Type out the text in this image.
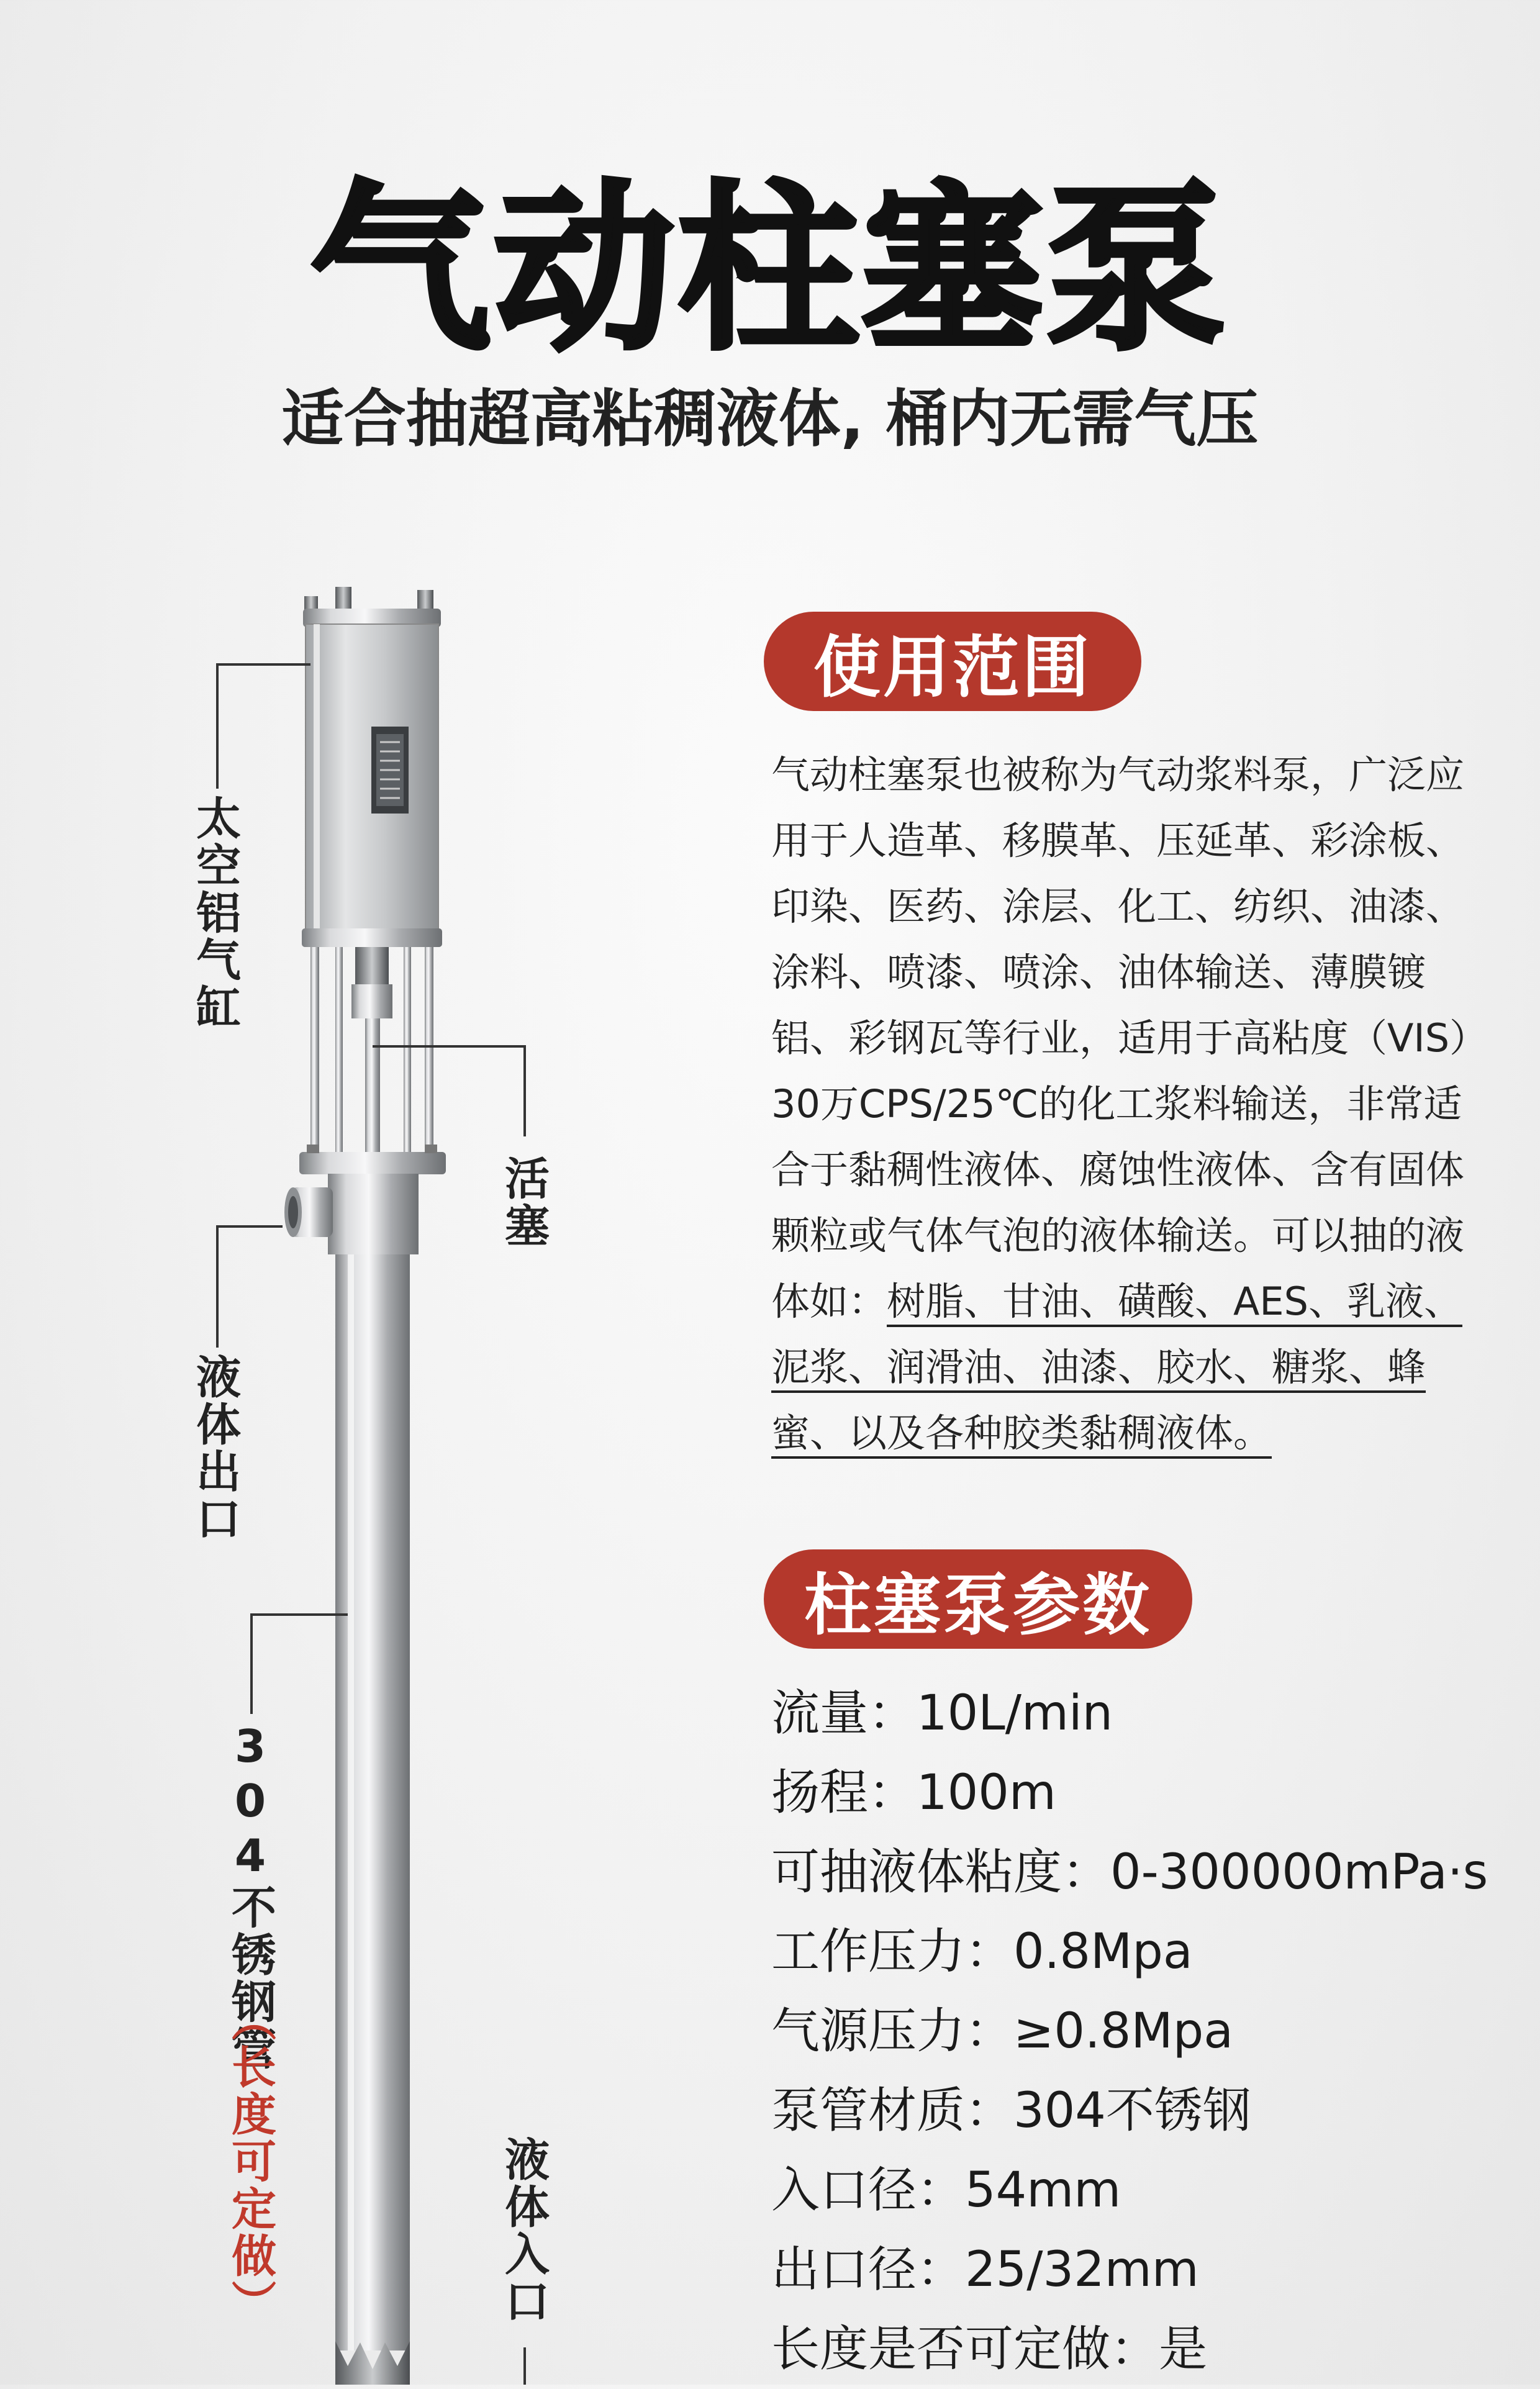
气动柱塞泵
适合抽超高粘稠液体, 桶内无需气压
太空铝气缸
活塞
液体出口
304不锈钢管
（长度可定做）	液体入口
使用范围

气动柱塞泵也被称为气动浆料泵，广泛应用于人造革、移膜革、压延革、彩涂板、印染、医药、涂层、化工、纺织、油漆、涂料、喷漆、喷涂、油体输送、薄膜镀铝、彩钢瓦等行业，适用于高粘度（VIS）30万CPS/25℃的化工浆料输送，非常适合于黏稠性液体、腐蚀性液体、含有固体颗粒或气体气泡的液体输送。可以抽的液体如：树脂、甘油、磺酸、AES、乳液、泥浆、润滑油、油漆、胶水、糖浆、蜂蜜、以及各种胶类黏稠液体。

柱塞泵参数
流量：10L/min
扬程：100m
可抽液体粘度：0-300000mPa·s
工作压力：0.8Mpa
气源压力：≥0.8Mpa
泵管材质：304不锈钢
入口径：54mm
出口径：25/32mm
长度是否可定做：是
